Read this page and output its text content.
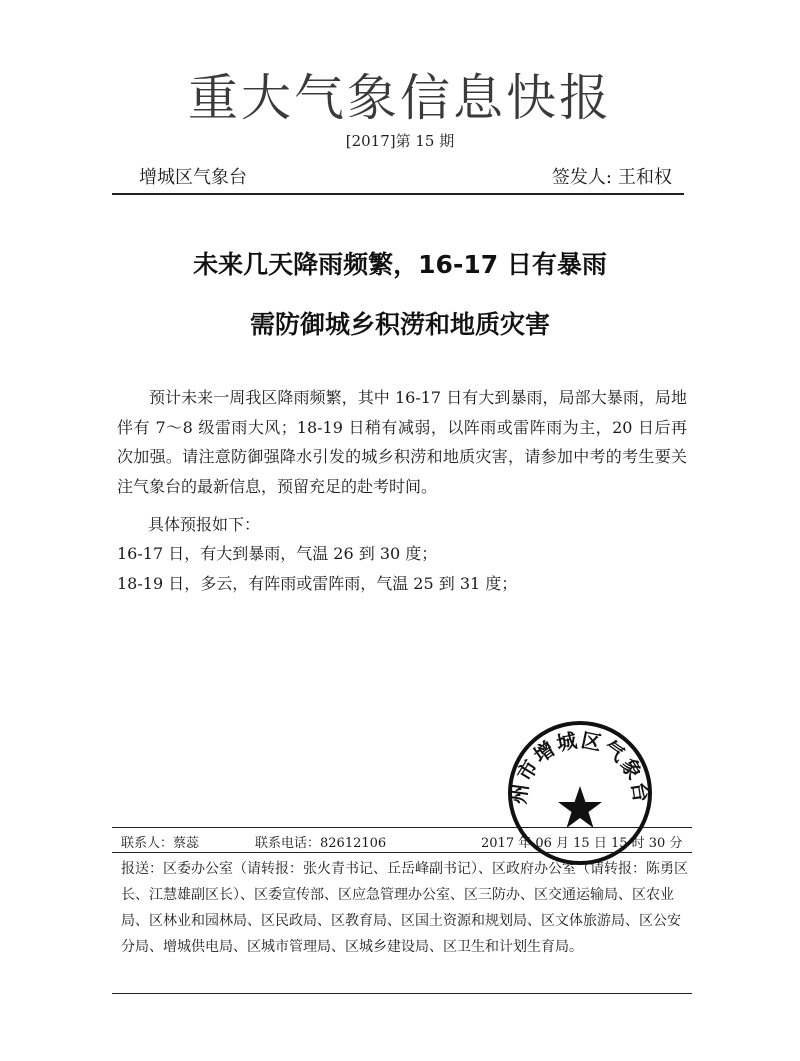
重大气象信息快报
[2017]第 15 期
增城区气象台	签发人: 王和权
未来几天降雨频繁，16-17 日有暴雨
需防御城乡积涝和地质灾害
预计未来一周我区降雨频繁，其中 16-17 日有大到暴雨，局部大暴雨，局地伴有 7～8 级雷雨大风；18-19 日稍有减弱，以阵雨或雷阵雨为主，20 日后再次加强。请注意防御强降水引发的城乡积涝和地质灾害，请参加中考的考生要关注气象台的最新信息，预留充足的赴考时间。
具体预报如下：
16-17 日，有大到暴雨，气温 26 到 30 度；
18-19 日，多云，有阵雨或雷阵雨，气温 25 到 31 度；
联系人：蔡蕊	联系电话：82612106	2017 年 06 月 15 日 15 时 30 分
报送：区委办公室（请转报：张火青书记、丘岳峰副书记）、区政府办公室（请转报：陈勇区长、江慧雄副区长）、区委宣传部、区应急管理办公室、区三防办、区交通运输局、区农业局、区林业和园林局、区民政局、区教育局、区国土资源和规划局、区文体旅游局、区公安分局、增城供电局、区城市管理局、区城乡建设局、区卫生和计划生育局。
州市增城区气象台
